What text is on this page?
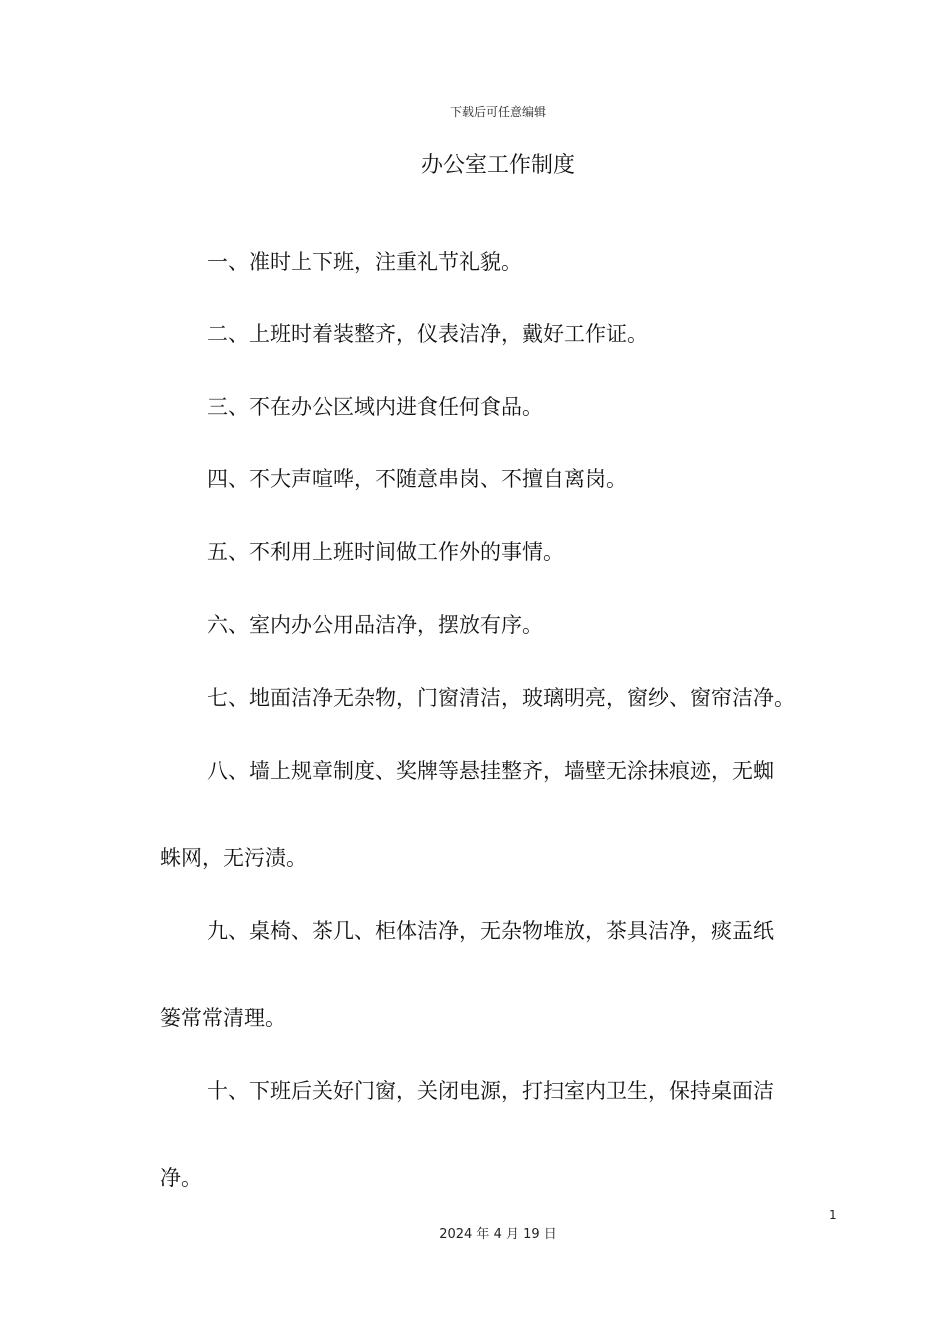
下载后可任意编辑
办公室工作制度
一、准时上下班，注重礼节礼貌。
二、上班时着装整齐，仪表洁净，戴好工作证。
三、不在办公区域内进食任何食品。
四、不大声喧哗，不随意串岗、不擅自离岗。
五、不利用上班时间做工作外的事情。
六、室内办公用品洁净，摆放有序。
七、地面洁净无杂物，门窗清洁，玻璃明亮，窗纱、窗帘洁净。
八、墙上规章制度、奖牌等悬挂整齐，墙壁无涂抹痕迹，无蜘
蛛网，无污渍。
九、桌椅、茶几、柜体洁净，无杂物堆放，茶具洁净，痰盂纸
篓常常清理。
十、下班后关好门窗，关闭电源，打扫室内卫生，保持桌面洁
净。
1
2024 年 4 月 19 日
